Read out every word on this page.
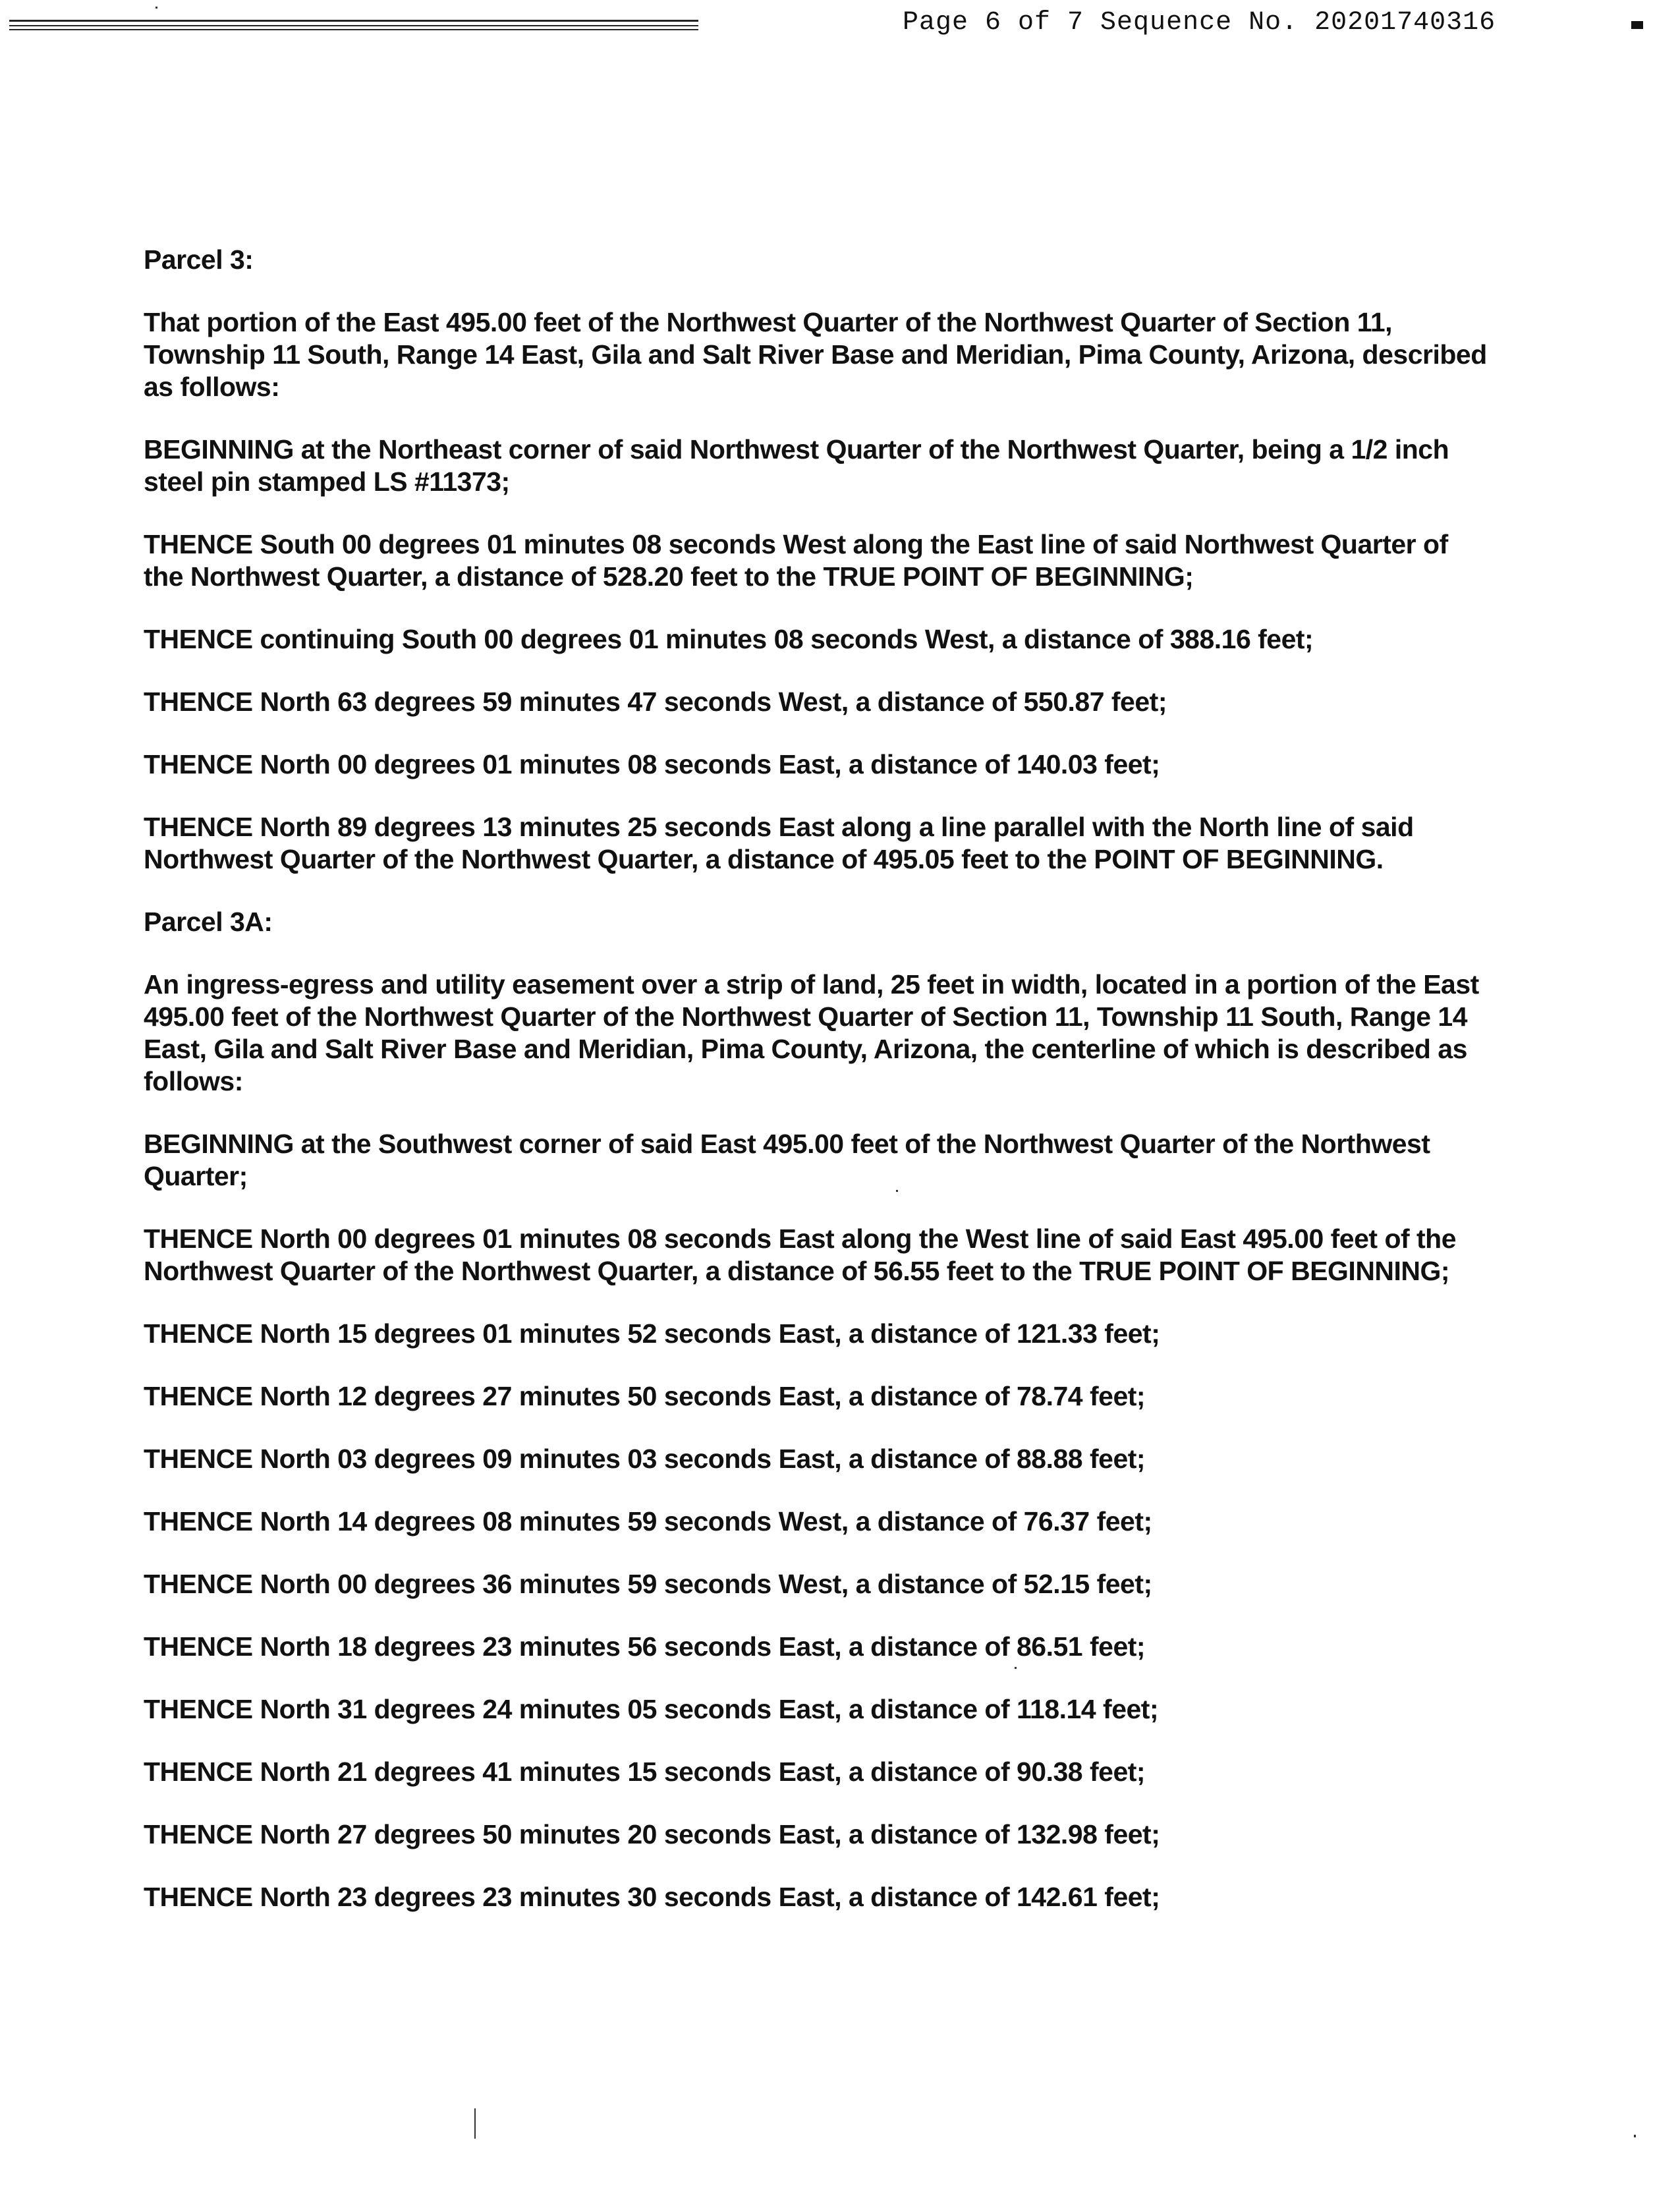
Page 6 of 7 Sequence No. 20201740316

Parcel 3:

That portion of the East 495.00 feet of the Northwest Quarter of the Northwest Quarter of Section 11, Township 11 South, Range 14 East, Gila and Salt River Base and Meridian, Pima County, Arizona, described as follows:

BEGINNING at the Northeast corner of said Northwest Quarter of the Northwest Quarter, being a 1/2 inch steel pin stamped LS #11373;

THENCE South 00 degrees 01 minutes 08 seconds West along the East line of said Northwest Quarter of the Northwest Quarter, a distance of 528.20 feet to the TRUE POINT OF BEGINNING;

THENCE continuing South 00 degrees 01 minutes 08 seconds West, a distance of 388.16 feet;

THENCE North 63 degrees 59 minutes 47 seconds West, a distance of 550.87 feet;

THENCE North 00 degrees 01 minutes 08 seconds East, a distance of 140.03 feet;

THENCE North 89 degrees 13 minutes 25 seconds East along a line parallel with the North line of said Northwest Quarter of the Northwest Quarter, a distance of 495.05 feet to the POINT OF BEGINNING.

Parcel 3A:

An ingress-egress and utility easement over a strip of land, 25 feet in width, located in a portion of the East 495.00 feet of the Northwest Quarter of the Northwest Quarter of Section 11, Township 11 South, Range 14 East, Gila and Salt River Base and Meridian, Pima County, Arizona, the centerline of which is described as follows:

BEGINNING at the Southwest corner of said East 495.00 feet of the Northwest Quarter of the Northwest Quarter;

THENCE North 00 degrees 01 minutes 08 seconds East along the West line of said East 495.00 feet of the Northwest Quarter of the Northwest Quarter, a distance of 56.55 feet to the TRUE POINT OF BEGINNING;

THENCE North 15 degrees 01 minutes 52 seconds East, a distance of 121.33 feet;

THENCE North 12 degrees 27 minutes 50 seconds East, a distance of 78.74 feet;

THENCE North 03 degrees 09 minutes 03 seconds East, a distance of 88.88 feet;

THENCE North 14 degrees 08 minutes 59 seconds West, a distance of 76.37 feet;

THENCE North 00 degrees 36 minutes 59 seconds West, a distance of 52.15 feet;

THENCE North 18 degrees 23 minutes 56 seconds East, a distance of 86.51 feet;

THENCE North 31 degrees 24 minutes 05 seconds East, a distance of 118.14 feet;

THENCE North 21 degrees 41 minutes 15 seconds East, a distance of 90.38 feet;

THENCE North 27 degrees 50 minutes 20 seconds East, a distance of 132.98 feet;

THENCE North 23 degrees 23 minutes 30 seconds East, a distance of 142.61 feet;
